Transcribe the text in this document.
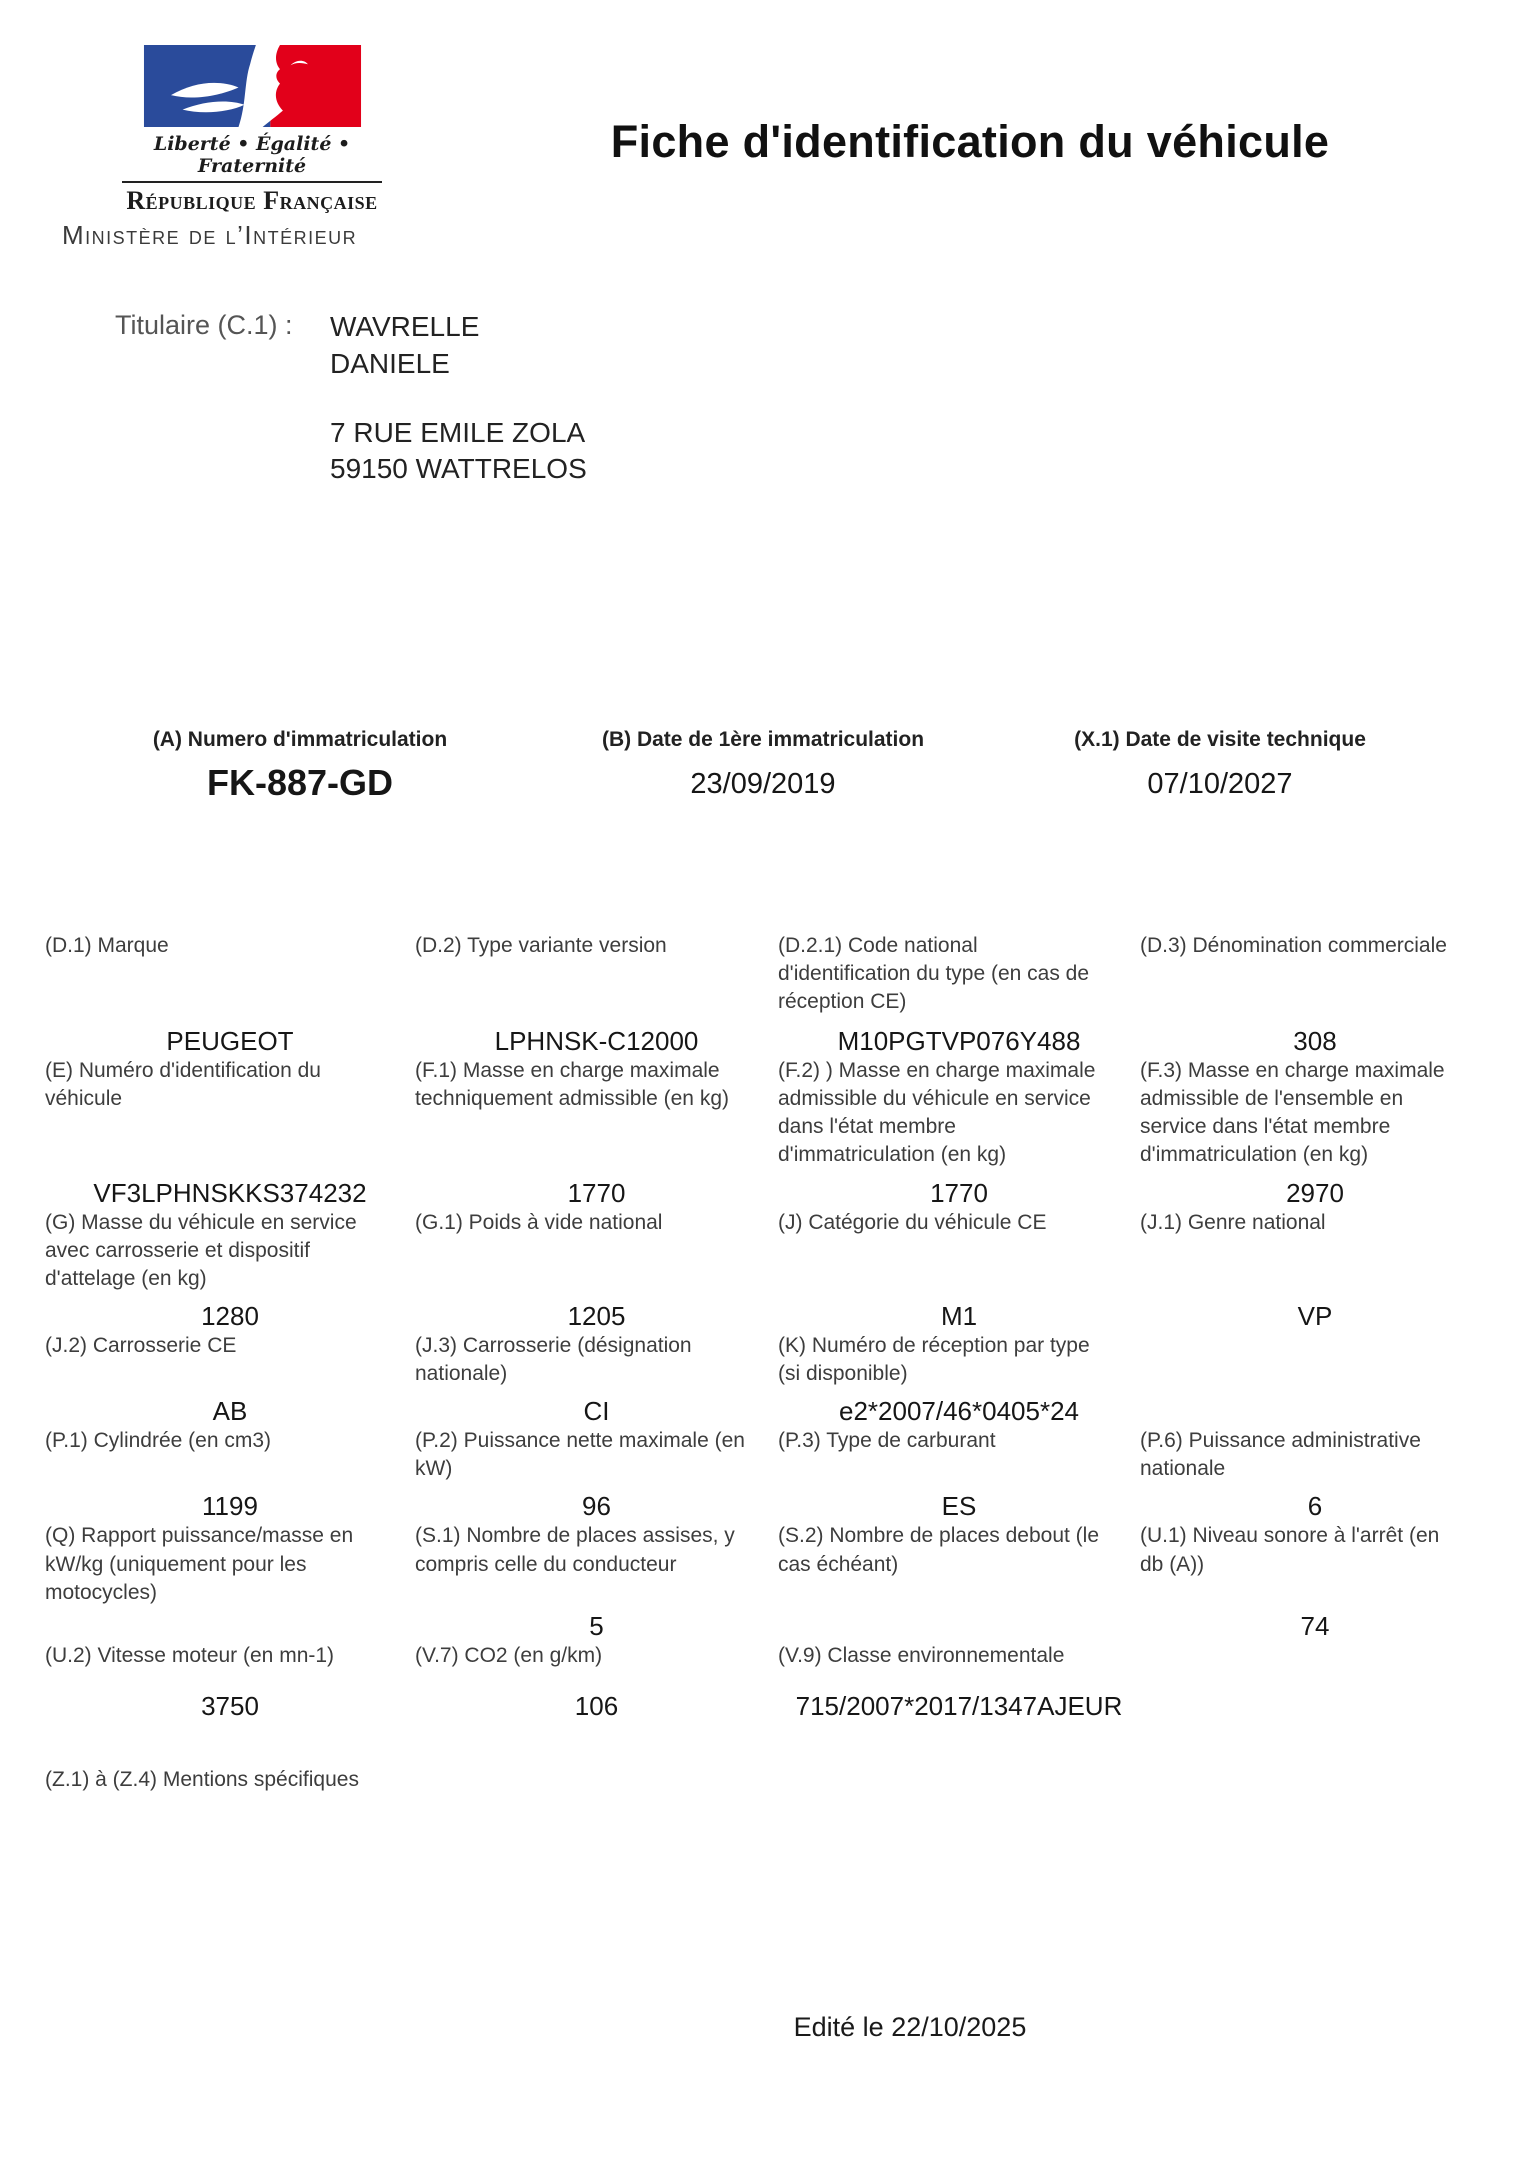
Liberté • Égalité • Fraternité
République Française
Ministère de l’Intérieur
Fiche d'identification du véhicule
Titulaire (C.1) : WAVRELLE
DANIELE
7 RUE EMILE ZOLA
59150 WATTRELOS
(A) Numero d'immatriculation
FK-887-GD
(B) Date de 1ère immatriculation
23/09/2019
(X.1) Date de visite technique
07/10/2027
(D.1) Marque
PEUGEOT
(D.2) Type variante version
LPHNSK-C12000
(D.2.1) Code national d'identification du type (en cas de réception CE)
M10PGTVP076Y488
(D.3) Dénomination commerciale
308
(E) Numéro d'identification du véhicule
VF3LPHNSKKS374232
(F.1) Masse en charge maximale techniquement admissible (en kg)
1770
(F.2) ) Masse en charge maximale admissible du véhicule en service dans l'état membre d'immatriculation (en kg)
1770
(F.3) Masse en charge maximale admissible de l'ensemble en service dans l'état membre d'immatriculation (en kg)
2970
(G) Masse du véhicule en service avec carrosserie et dispositif d'attelage (en kg)
1280
(G.1) Poids à vide national
1205
(J) Catégorie du véhicule CE
M1
(J.1) Genre national
VP
(J.2) Carrosserie CE
AB
(J.3) Carrosserie (désignation nationale)
CI
(K) Numéro de réception par type (si disponible)
e2*2007/46*0405*24
(P.1) Cylindrée (en cm3)
1199
(P.2) Puissance nette maximale (en kW)
96
(P.3) Type de carburant
ES
(P.6) Puissance administrative nationale
6
(Q) Rapport puissance/masse en kW/kg (uniquement pour les motocycles)
(S.1) Nombre de places assises, y compris celle du conducteur
5
(S.2) Nombre de places debout (le cas échéant)
(U.1) Niveau sonore à l'arrêt (en db (A))
74
(U.2) Vitesse moteur (en mn-1)
3750
(V.7) CO2 (en g/km)
106
(V.9) Classe environnementale
715/2007*2017/1347AJEUR
(Z.1) à (Z.4) Mentions spécifiques
Edité le 22/10/2025
